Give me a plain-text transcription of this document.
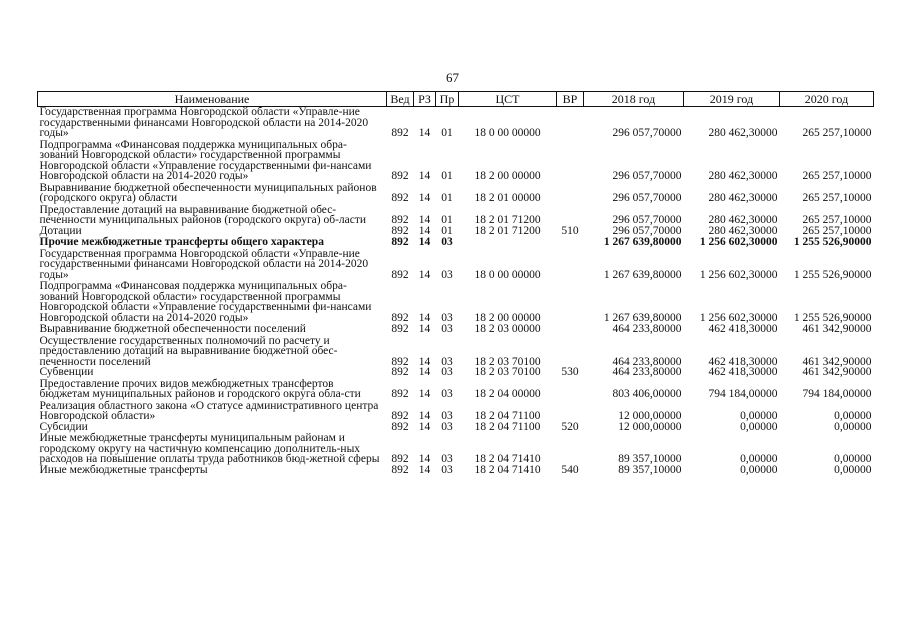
67
Наименование	Вед	РЗ	Пр	ЦСТ	ВР	2018 год	2019 год	2020 год
Государственная программа Новгородской области «Управле-ние государственными финансами Новгородской области на 2014-2020 годы»	892	14	01	18 0 00 00000		296 057,70000	280 462,30000	265 257,10000
Подпрограмма «Финансовая поддержка муниципальных обра-зований Новгородской области» государственной программы Новгородской области «Управление государственными фи-нансами Новгородской области на 2014-2020 годы»	892	14	01	18 2 00 00000		296 057,70000	280 462,30000	265 257,10000
Выравнивание бюджетной обеспеченности муниципальных районов (городского округа) области	892	14	01	18 2 01 00000		296 057,70000	280 462,30000	265 257,10000
Предоставление дотаций на выравнивание бюджетной обес-печенности муниципальных районов (городского округа) об-ласти	892	14	01	18 2 01 71200		296 057,70000	280 462,30000	265 257,10000
Дотации	892	14	01	18 2 01 71200	510	296 057,70000	280 462,30000	265 257,10000
Прочие межбюджетные трансферты общего характера	892	14	03			1 267 639,80000	1 256 602,30000	1 255 526,90000
Государственная программа Новгородской области «Управле-ние государственными финансами Новгородской области на 2014-2020 годы»	892	14	03	18 0 00 00000		1 267 639,80000	1 256 602,30000	1 255 526,90000
Подпрограмма «Финансовая поддержка муниципальных обра-зований Новгородской области» государственной программы Новгородской области «Управление государственными фи-нансами Новгородской области на 2014-2020 годы»	892	14	03	18 2 00 00000		1 267 639,80000	1 256 602,30000	1 255 526,90000
Выравнивание бюджетной обеспеченности поселений	892	14	03	18 2 03 00000		464 233,80000	462 418,30000	461 342,90000
Осуществление государственных полномочий по расчету и предоставлению дотаций на выравнивание бюджетной обес-печенности поселений	892	14	03	18 2 03 70100		464 233,80000	462 418,30000	461 342,90000
Субвенции	892	14	03	18 2 03 70100	530	464 233,80000	462 418,30000	461 342,90000
Предоставление прочих видов межбюджетных трансфертов бюджетам муниципальных районов и городского округа обла-сти	892	14	03	18 2 04 00000		803 406,00000	794 184,00000	794 184,00000
Реализация областного закона «О статусе административного центра Новгородской области»	892	14	03	18 2 04 71100		12 000,00000	0,00000	0,00000
Субсидии	892	14	03	18 2 04 71100	520	12 000,00000	0,00000	0,00000
Иные межбюджетные трансферты муниципальным районам и городскому округу на частичную компенсацию дополнитель-ных расходов на повышение оплаты труда работников бюд-жетной сферы	892	14	03	18 2 04 71410		89 357,10000	0,00000	0,00000
Иные межбюджетные трансферты	892	14	03	18 2 04 71410	540	89 357,10000	0,00000	0,00000
